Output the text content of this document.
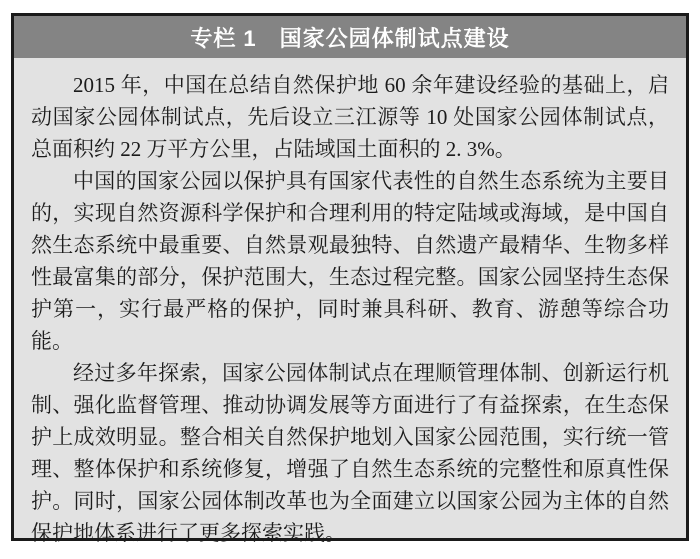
专栏 1　国家公园体制试点建设

2015 年，中国在总结自然保护地 60 余年建设经验的基础上，启动国家公园体制试点，先后设立三江源等 10 处国家公园体制试点，总面积约 22 万平方公里，占陆域国土面积的 2. 3%。

中国的国家公园以保护具有国家代表性的自然生态系统为主要目的，实现自然资源科学保护和合理利用的特定陆域或海域，是中国自然生态系统中最重要、自然景观最独特、自然遗产最精华、生物多样性最富集的部分，保护范围大，生态过程完整。国家公园坚持生态保护第一，实行最严格的保护，同时兼具科研、教育、游憩等综合功能。

经过多年探索，国家公园体制试点在理顺管理体制、创新运行机制、强化监督管理、推动协调发展等方面进行了有益探索，在生态保护上成效明显。整合相关自然保护地划入国家公园范围，实行统一管理、整体保护和系统修复，增强了自然生态系统的完整性和原真性保护。同时，国家公园体制改革也为全面建立以国家公园为主体的自然保护地体系进行了更多探索实践。
